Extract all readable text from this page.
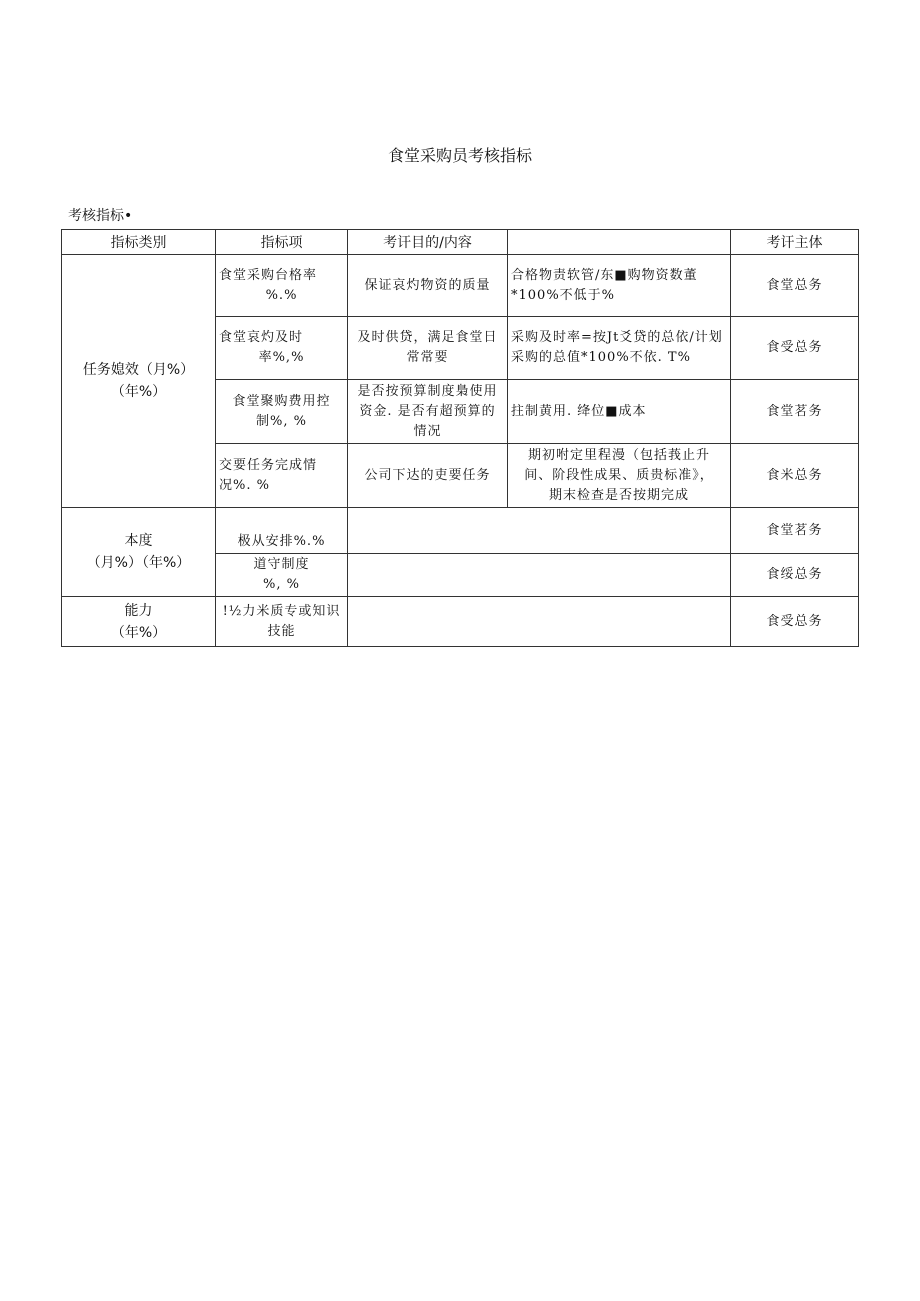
食堂采购员考核指标
考核指标•
指标类別	指标项	考讦目的/内容		考讦主体

任务媳效（月%）
（年%）	食堂采购台格率
%.%	保证哀灼物资的质量	合格物责软管/东■购物资数董
*100%不低于%	食堂总务

	食堂哀灼及时
率%,%	及时供贷，满足食堂日
常常要	采购及时率=按Jt爻贷的总依/计划
采购的总值*100%不依. T%	食受总务

	食堂聚购费用控
制%, %	是否按预算制度梟使用
资金. 是否有超预算的
情况	拄制黄用. 绛位■成本	食堂茗务

	交要任务完成情
况%. %	公司下达的吏要任务	期初咐定里程漫（包括莪止升
间、阶段性成果、质贵标准》，
期末检查是否按期完成	食米总务

本度
（月%）（年%）	极从安排%.%			食堂茗务

	道守制度
%, %			食绥总务

能力
（年%）	!½力米质专或知识
技能			食受总务
